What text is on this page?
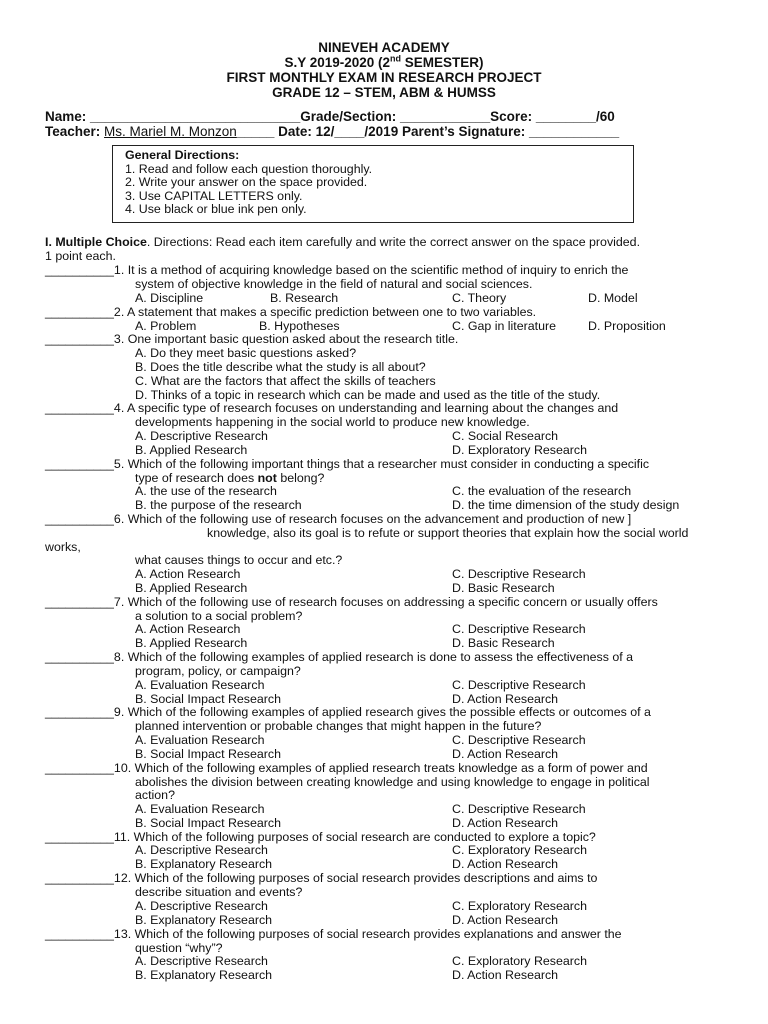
NINEVEH ACADEMY
S.Y 2019-2020 (2nd SEMESTER)
FIRST MONTHLY EXAM IN RESEARCH PROJECT
GRADE 12 – STEM, ABM & HUMSS
Name: ____________________________Grade/Section: ____________Score: ________/60
Teacher: Ms. Mariel M. Monzon_____ Date: 12/____/2019 Parent’s Signature: ____________
General Directions:
1. Read and follow each question thoroughly.
2. Write your answer on the space provided.
3. Use CAPITAL LETTERS only.
4. Use black or blue ink pen only.
I. Multiple Choice. Directions: Read each item carefully and write the correct answer on the space provided.
1 point each.
__________1. It is a method of acquiring knowledge based on the scientific method of inquiry to enrich the
system of objective knowledge in the field of natural and social sciences.
A. Discipline	B. Research	C. Theory	D. Model
__________2. A statement that makes a specific prediction between one to two variables.
A. Problem	B. Hypotheses	C. Gap in literature	D. Proposition
__________3. One important basic question asked about the research title.
A. Do they meet basic questions asked?
B. Does the title describe what the study is all about?
C. What are the factors that affect the skills of teachers
D. Thinks of a topic in research which can be made and used as the title of the study.
__________4. A specific type of research focuses on understanding and learning about the changes and
developments happening in the social world to produce new knowledge.
A. Descriptive Research	C. Social Research
B. Applied Research	D. Exploratory Research
__________5. Which of the following important things that a researcher must consider in conducting a specific
type of research does not belong?
A. the use of the research	C. the evaluation of the research
B. the purpose of the research	D. the time dimension of the study design
__________6. Which of the following use of research focuses on the advancement and production of new ]
knowledge, also its goal is to refute or support theories that explain how the social world
works,
what causes things to occur and etc.?
A. Action Research	C. Descriptive Research
B. Applied Research	D. Basic Research
__________7. Which of the following use of research focuses on addressing a specific concern or usually offers
a solution to a social problem?
A. Action Research	C. Descriptive Research
B. Applied Research	D. Basic Research
__________8. Which of the following examples of applied research is done to assess the effectiveness of a
program, policy, or campaign?
A. Evaluation Research	C. Descriptive Research
B. Social Impact Research	D. Action Research
__________9. Which of the following examples of applied research gives the possible effects or outcomes of a
planned intervention or probable changes that might happen in the future?
A. Evaluation Research	C. Descriptive Research
B. Social Impact Research	D. Action Research
__________10. Which of the following examples of applied research treats knowledge as a form of power and
abolishes the division between creating knowledge and using knowledge to engage in political
action?
A. Evaluation Research	C. Descriptive Research
B. Social Impact Research	D. Action Research
__________11. Which of the following purposes of social research are conducted to explore a topic?
A. Descriptive Research	C. Exploratory Research
B. Explanatory Research	D. Action Research
__________12. Which of the following purposes of social research provides descriptions and aims to
describe situation and events?
A. Descriptive Research	C. Exploratory Research
B. Explanatory Research	D. Action Research
__________13. Which of the following purposes of social research provides explanations and answer the
question “why”?
A. Descriptive Research	C. Exploratory Research
B. Explanatory Research	D. Action Research
